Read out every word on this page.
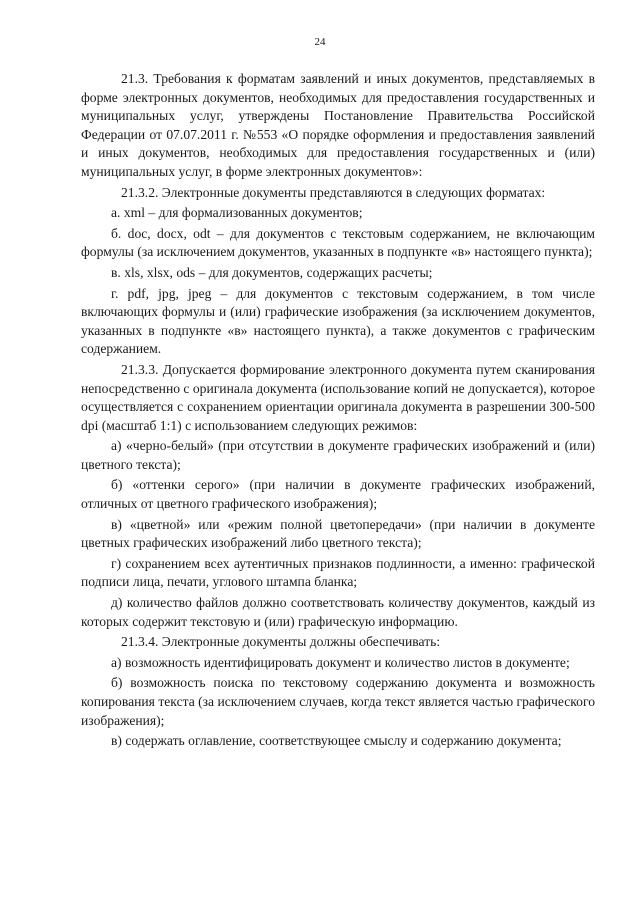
24

21.3. Требования к форматам заявлений и иных документов, представляемых в форме электронных документов, необходимых для предоставления государственных и муниципальных услуг, утверждены Постановление Правительства Российской Федерации от 07.07.2011 г. №553 «О порядке оформления и предоставления заявлений и иных документов, необходимых для предоставления государственных и (или) муниципальных услуг, в форме электронных документов»:

21.3.2. Электронные документы представляются в следующих форматах:

а. xml – для формализованных документов;

б. doc, docx, odt – для документов с текстовым содержанием, не включающим формулы (за исключением документов, указанных в подпункте «в» настоящего пункта);

в. xls, xlsx, ods – для документов, содержащих расчеты;

г. pdf, jpg, jpeg – для документов с текстовым содержанием, в том числе включающих формулы и (или) графические изображения (за исключением документов, указанных в подпункте «в» настоящего пункта), а также документов с графическим содержанием.

21.3.3. Допускается формирование электронного документа путем сканирования непосредственно с оригинала документа (использование копий не допускается), которое осуществляется с сохранением ориентации оригинала документа в разрешении 300-500 dpi (масштаб 1:1) с использованием следующих режимов:

а) «черно-белый» (при отсутствии в документе графических изображений и (или) цветного текста);

б) «оттенки серого» (при наличии в документе графических изображений, отличных от цветного графического изображения);

в) «цветной» или «режим полной цветопередачи» (при наличии в документе цветных графических изображений либо цветного текста);

г) сохранением всех аутентичных признаков подлинности, а именно: графической подписи лица, печати, углового штампа бланка;

д) количество файлов должно соответствовать количеству документов, каждый из которых содержит текстовую и (или) графическую информацию.

21.3.4. Электронные документы должны обеспечивать:

а) возможность идентифицировать документ и количество листов в документе;

б) возможность поиска по текстовому содержанию документа и возможность копирования текста (за исключением случаев, когда текст является частью графического изображения);

в) содержать оглавление, соответствующее смыслу и содержанию документа;
